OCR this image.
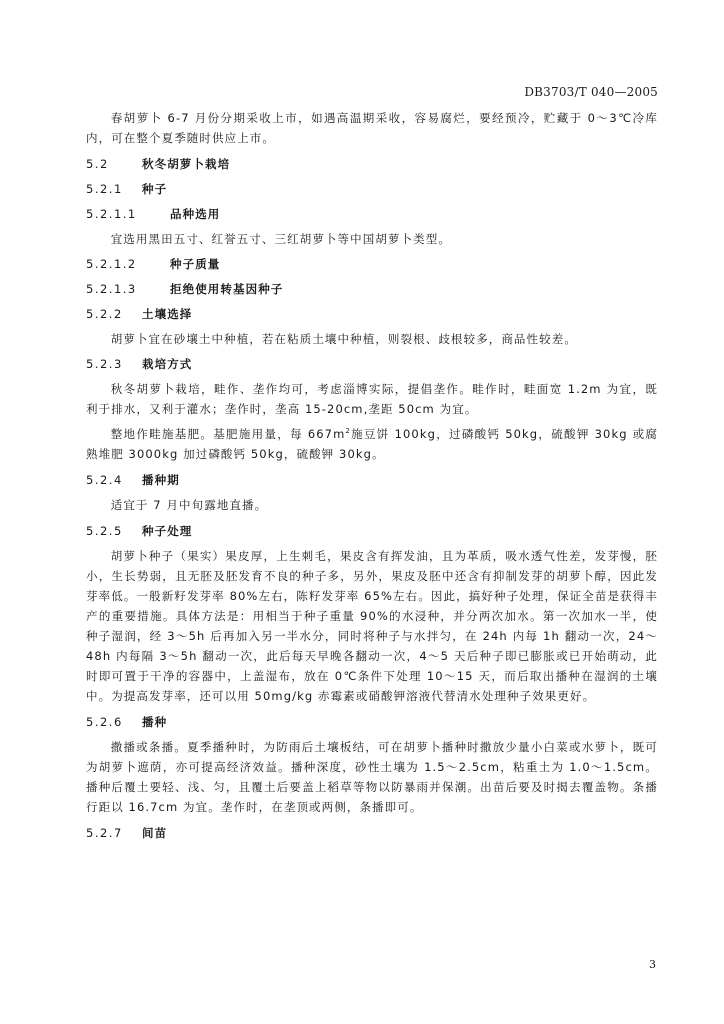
DB3703/T 040—2005

春胡萝卜 6-7 月份分期采收上市，如遇高温期采收，容易腐烂，要经预冷，贮藏于 0～3℃冷库内，可在整个夏季随时供应上市。

5.2	秋冬胡萝卜栽培

5.2.1 种子

5.2.1.1	品种选用

宜选用黑田五寸、红誉五寸、三红胡萝卜等中国胡萝卜类型。

5.2.1.2	种子质量

5.2.1.3	拒绝使用转基因种子

5.2.2 土壤选择

胡萝卜宜在砂壤土中种植，若在粘质土壤中种植，则裂根、歧根较多，商品性较差。

5.2.3 栽培方式

秋冬胡萝卜栽培，畦作、垄作均可，考虑淄博实际，提倡垄作。畦作时，畦面宽 1.2m 为宜，既利于排水，又利于灌水；垄作时，垄高 15-20cm,垄距 50cm 为宜。

整地作畦施基肥。基肥施用量，每 $667m^2$施豆饼 100kg，过磷酸钙 50kg，硫酸钾 30kg 或腐熟堆肥 3000kg 加过磷酸钙 50kg，硫酸钾 30kg。

5.2.4 播种期

适宜于 7 月中旬露地直播。

5.2.5 种子处理

胡萝卜种子（果实）果皮厚，上生刺毛，果皮含有挥发油，且为革质，吸水透气性差，发芽慢，胚小，生长势弱，且无胚及胚发育不良的种子多，另外，果皮及胚中还含有抑制发芽的胡萝卜醇，因此发芽率低。一般新籽发芽率 80%左右，陈籽发芽率 65%左右。因此，搞好种子处理，保证全苗是获得丰产的重要措施。具体方法是：用相当于种子重量 90%的水浸种，并分两次加水。第一次加水一半，使种子湿润，经 3～5h 后再加入另一半水分，同时将种子与水拌匀，在 24h 内每 1h 翻动一次，24～48h 内每隔 3～5h 翻动一次，此后每天早晚各翻动一次，4～5 天后种子即已膨胀或已开始萌动，此时即可置于干净的容器中，上盖湿布，放在 0℃条件下处理 10～15 天，而后取出播种在湿润的土壤中。为提高发芽率，还可以用 50mg/kg 赤霉素或硝酸钾溶液代替清水处理种子效果更好。

5.2.6 播种

撒播或条播。夏季播种时，为防雨后土壤板结，可在胡萝卜播种时撒放少量小白菜或水萝卜，既可为胡萝卜遮荫，亦可提高经济效益。播种深度，砂性土壤为 1.5～2.5cm，粘重土为 1.0～1.5cm。播种后覆土要轻、浅、匀，且覆土后要盖上稻草等物以防暴雨并保潮。出苗后要及时揭去覆盖物。条播行距以 16.7cm 为宜。垄作时，在垄顶或两侧，条播即可。

5.2.7 间苗

3
